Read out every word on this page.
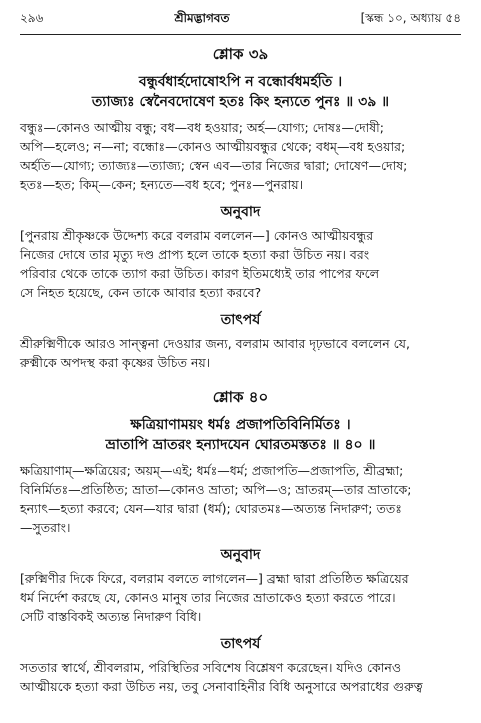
২৯৬	শ্রীমদ্ভাগবত	[স্কন্ধ ১০, অধ্যায় ৫৪
শ্লোক ৩৯
বন্ধুর্বধার্হদোষোঽপি ন বন্ধোর্বধমর্হতি ।
ত্যাজ্যঃ স্বেনৈবদোষেণ হতঃ কিং হন্যতে পুনঃ ॥ ৩৯ ॥

বন্ধুঃ—কোনও আত্মীয় বন্ধু; বধ—বধ হওয়ার; অর্হ—যোগ্য; দোষঃ—দোষী;

অপি—হলেও; ন—না; বন্ধোঃ—কোনও আত্মীয়বন্ধুর থেকে; বধম্—বধ হওয়ার;

অর্হতি—যোগ্য; ত্যাজ্যঃ—ত্যাজ্য; স্বেন এব—তার নিজের দ্বারা; দোষেণ—দোষ;

হতঃ—হত; কিম্—কেন; হন্যতে—বধ হবে; পুনঃ—পুনরায়।

অনুবাদ

[পুনরায় শ্রীকৃষ্ণকে উদ্দেশ্য করে বলরাম বললেন—] কোনও আত্মীয়বন্ধুর

নিজের দোষে তার মৃত্যু দণ্ড প্রাপ্য হলে তাকে হত্যা করা উচিত নয়। বরং

পরিবার থেকে তাকে ত্যাগ করা উচিত। কারণ ইতিমধ্যেই তার পাপের ফলে

সে নিহত হয়েছে, কেন তাকে আবার হত্যা করবে?

তাৎপর্য

শ্রীরুক্মিণীকে আরও সান্ত্বনা দেওয়ার জন্য, বলরাম আবার দৃঢ়ভাবে বললেন যে,

রুক্মীকে অপদস্থ করা কৃষ্ণের উচিত নয়।

শ্লোক ৪০
ক্ষত্রিয়াণাময়ং ধর্মঃ প্রজাপতিবিনির্মিতঃ ।
ভ্রাতাপি ভ্রাতরং হন্যাদযেন ঘোরতমস্ততঃ ॥ ৪০ ॥

ক্ষত্রিয়াণাম্—ক্ষত্রিয়ের; অয়ম্—এই; ধর্মঃ—ধর্ম; প্রজাপতি—প্রজাপতি, শ্রীব্রহ্মা;

বিনির্মিতঃ—প্রতিষ্ঠিত; ভ্রাতা—কোনও ভ্রাতা; অপি—ও; ভ্রাতরম্—তার ভ্রাতাকে;

হন্যাৎ—হত্যা করবে; যেন—যার দ্বারা (ধর্ম); ঘোরতমঃ—অত্যন্ত নিদারুণ; ততঃ

—সুতরাং।

অনুবাদ

[রুক্মিণীর দিকে ফিরে, বলরাম বলতে লাগলেন—] ব্রহ্মা দ্বারা প্রতিষ্ঠিত ক্ষত্রিয়ের

ধর্ম নির্দেশ করছে যে, কোনও মানুষ তার নিজের ভ্রাতাকেও হত্যা করতে পারে।

সেটি বাস্তবিকই অত্যন্ত নিদারুণ বিধি।

তাৎপর্য

সততার স্বার্থে, শ্রীবলরাম, পরিস্থিতির সবিশেষ বিশ্লেষণ করেছেন। যদিও কোনও

আত্মীয়কে হত্যা করা উচিত নয়, তবু সেনাবাহিনীর বিধি অনুসারে অপরাধের গুরুত্ব
